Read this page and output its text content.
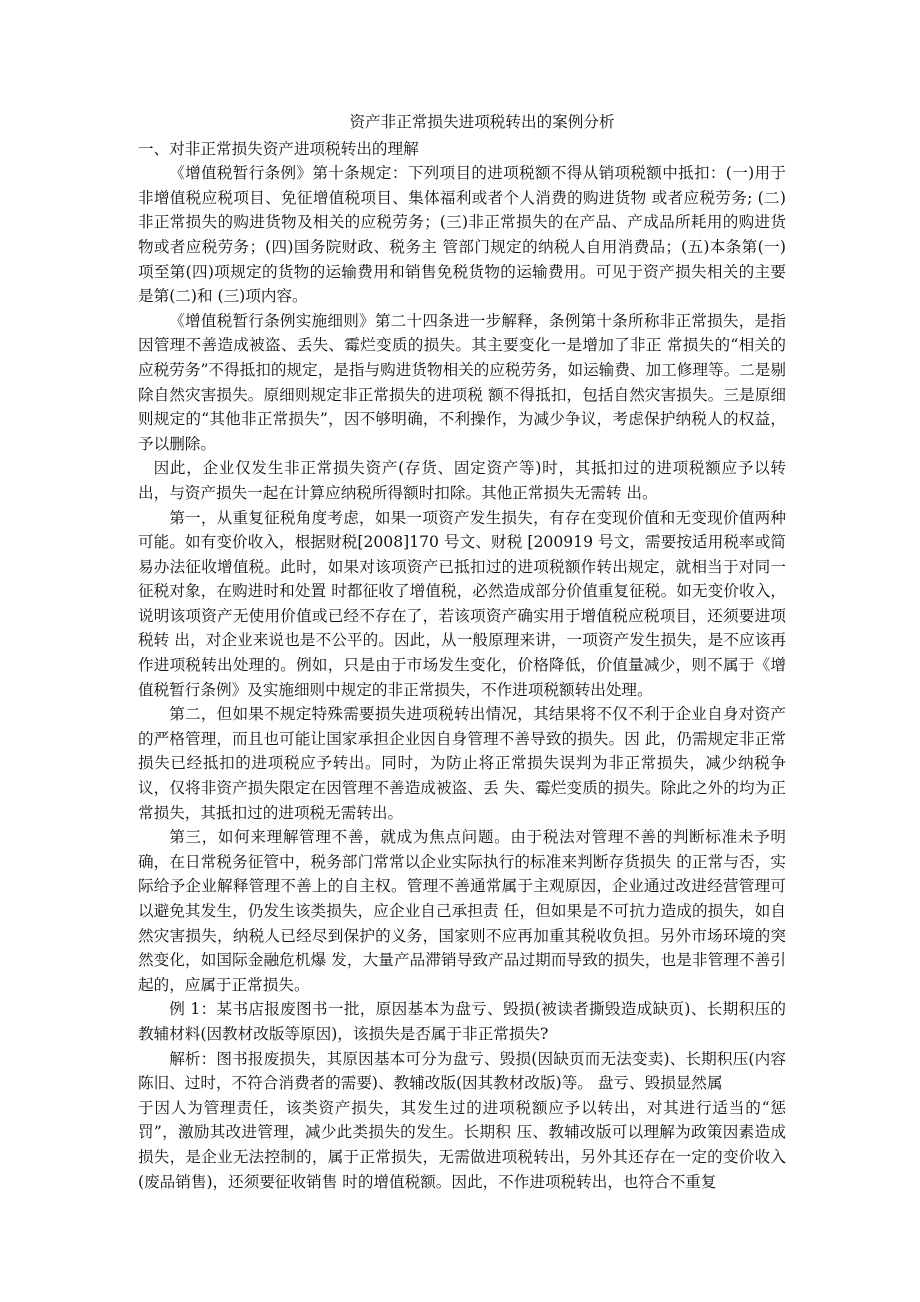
资产非正常损失进项税转出的案例分析
一、对非正常损失资产进项税转出的理解

《增值税暂行条例》第十条规定：下列项目的进项税额不得从销项税额中抵扣：(一)用于非增值税应税项目、免征增值税项目、集体福利或者个人消费的购进货物 或者应税劳务; (二)非正常损失的购进货物及相关的应税劳务；(三)非正常损失的在产品、产成品所耗用的购进货物或者应税劳务；(四)国务院财政、税务主 管部门规定的纳税人自用消费品；(五)本条第(一)项至第(四)项规定的货物的运输费用和销售免税货物的运输费用。可见于资产损失相关的主要是第(二)和 (三)项内容。

《增值税暂行条例实施细则》第二十四条进一步解释，条例第十条所称非正常损失，是指因管理不善造成被盗、丢失、霉烂变质的损失。其主要变化一是增加了非正 常损失的“相关的应税劳务”不得抵扣的规定，是指与购进货物相关的应税劳务，如运输费、加工修理等。二是剔除自然灾害损失。原细则规定非正常损失的进项税 额不得抵扣，包括自然灾害损失。三是原细则规定的“其他非正常损失”，因不够明确，不利操作，为减少争议，考虑保护纳税人的权益，予以删除。

因此，企业仅发生非正常损失资产(存货、固定资产等)时，其抵扣过的进项税额应予以转出，与资产损失一起在计算应纳税所得额时扣除。其他正常损失无需转 出。

第一，从重复征税角度考虑，如果一项资产发生损失，有存在变现价值和无变现价值两种可能。如有变价收入，根据财税[2008]170 号文、财税 [200919 号文，需要按适用税率或简易办法征收增值税。此时，如果对该项资产已抵扣过的进项税额作转出规定，就相当于对同一征税对象，在购进时和处置 时都征收了增值税，必然造成部分价值重复征税。如无变价收入，说明该项资产无使用价值或已经不存在了，若该项资产确实用于增值税应税项目，还须要进项税转 出，对企业来说也是不公平的。因此，从一般原理来讲，一项资产发生损失，是不应该再作进项税转出处理的。例如，只是由于市场发生变化，价格降低，价值量减少，则不属于《增值税暂行条例》及实施细则中规定的非正常损失，不作进项税额转出处理。

第二，但如果不规定特殊需要损失进项税转出情况，其结果将不仅不利于企业自身对资产的严格管理，而且也可能让国家承担企业因自身管理不善导致的损失。因 此，仍需规定非正常损失已经抵扣的进项税应予转出。同时，为防止将正常损失误判为非正常损失，减少纳税争议，仅将非资产损失限定在因管理不善造成被盗、丢 失、霉烂变质的损失。除此之外的均为正常损失，其抵扣过的进项税无需转出。

第三，如何来理解管理不善，就成为焦点问题。由于税法对管理不善的判断标准未予明确，在日常税务征管中，税务部门常常以企业实际执行的标准来判断存货损失 的正常与否，实际给予企业解释管理不善上的自主权。管理不善通常属于主观原因，企业通过改进经营管理可以避免其发生，仍发生该类损失，应企业自己承担责 任，但如果是不可抗力造成的损失，如自然灾害损失，纳税人已经尽到保护的义务，国家则不应再加重其税收负担。另外市场环境的突然变化，如国际金融危机爆 发，大量产品滞销导致产品过期而导致的损失，也是非管理不善引起的，应属于正常损失。

例 1：某书店报废图书一批，原因基本为盘亏、毁损(被读者撕毁造成缺页)、长期积压的教辅材料(因教材改版等原因)，该损失是否属于非正常损失?

解析：图书报废损失，其原因基本可分为盘亏、毁损(因缺页而无法变卖)、长期积压(内容陈旧、过时，不符合消费者的需要)、教辅改版(因其教材改版)等。 盘亏、毁损显然属

于因人为管理责任，该类资产损失，其发生过的进项税额应予以转出，对其进行适当的“惩罚”，激励其改进管理，减少此类损失的发生。长期积 压、教辅改版可以理解为政策因素造成损失，是企业无法控制的，属于正常损失，无需做进项税转出，另外其还存在一定的变价收入(废品销售)，还须要征收销售 时的增值税额。因此，不作进项税转出，也符合不重复
